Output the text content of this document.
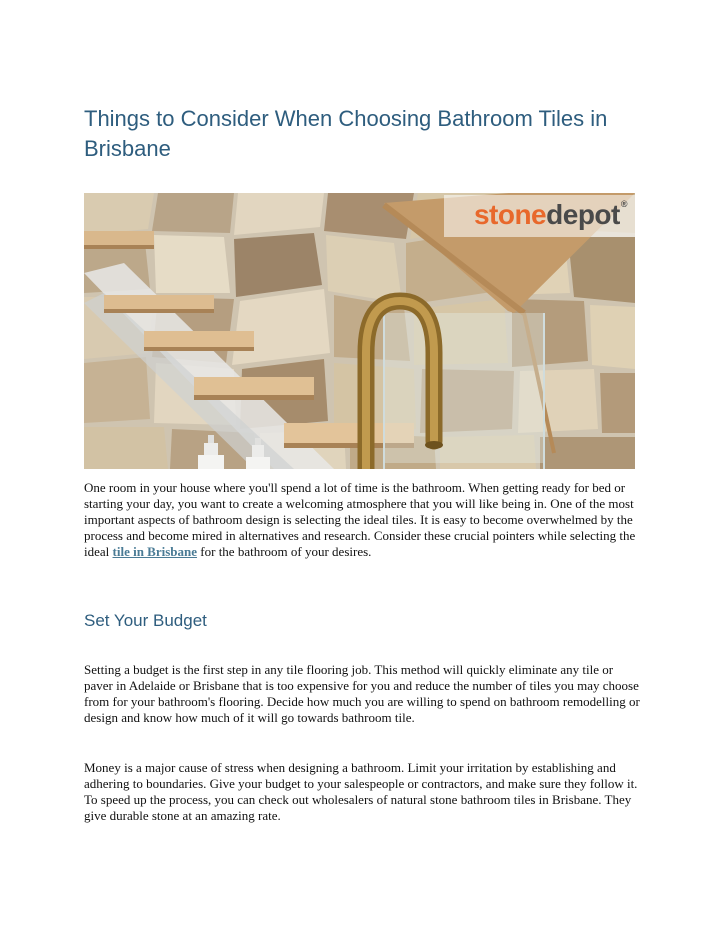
Things to Consider When Choosing Bathroom Tiles in Brisbane
stonedepot®

One room in your house where you'll spend a lot of time is the bathroom. When getting ready for bed or starting your day, you want to create a welcoming atmosphere that you will like being in. One of the most important aspects of bathroom design is selecting the ideal tiles. It is easy to become overwhelmed by the process and become mired in alternatives and research. Consider these crucial pointers while selecting the ideal tile in Brisbane for the bathroom of your desires.

Set Your Budget

Setting a budget is the first step in any tile flooring job. This method will quickly eliminate any tile or paver in Adelaide or Brisbane that is too expensive for you and reduce the number of tiles you may choose from for your bathroom's flooring. Decide how much you are willing to spend on bathroom remodelling or design and know how much of it will go towards bathroom tile.

Money is a major cause of stress when designing a bathroom. Limit your irritation by establishing and adhering to boundaries. Give your budget to your salespeople or contractors, and make sure they follow it. To speed up the process, you can check out wholesalers of natural stone bathroom tiles in Brisbane. They give durable stone at an amazing rate.
